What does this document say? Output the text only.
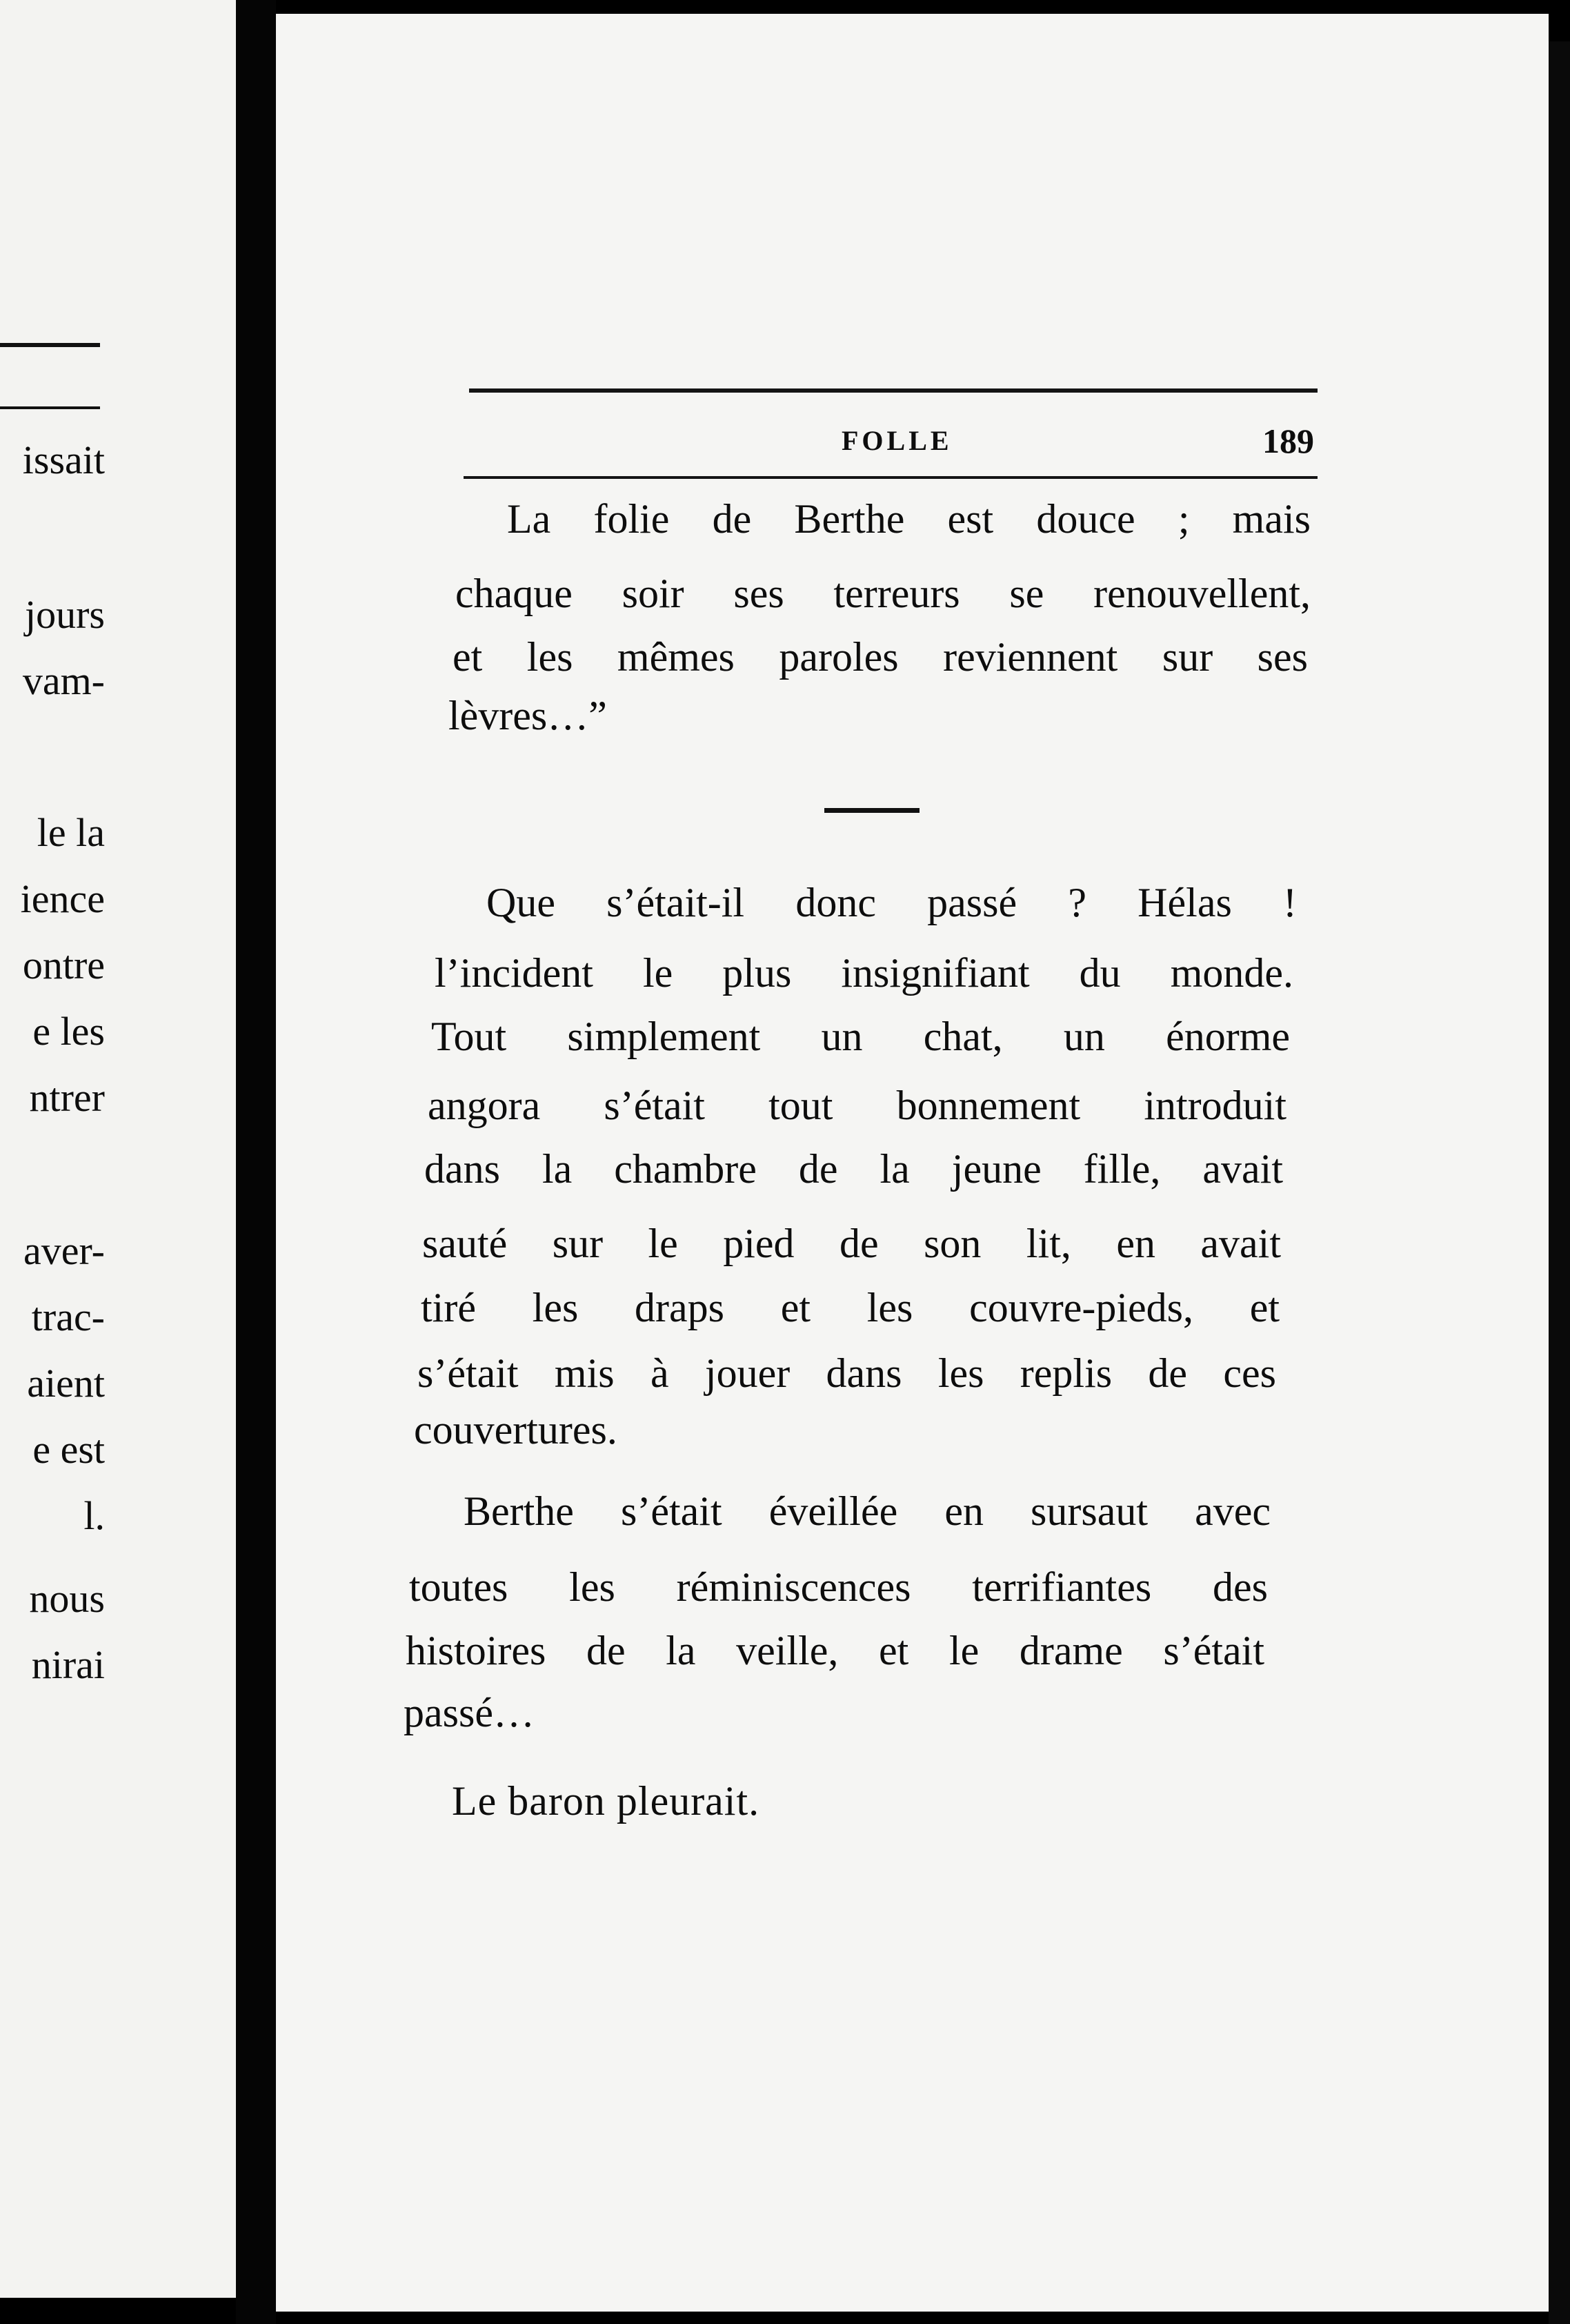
issait
jours
vam-
le la
ience
ontre
e les
ntrer
aver-
trac-
aient
e est
l.
nous
nirai
FOLLE	189
La folie de Berthe est douce ; mais
chaque soir ses terreurs se renouvellent,
et les mêmes paroles reviennent sur ses
lèvres…”
Que s’était-il donc passé ? Hélas !
l’incident le plus insignifiant du monde.
Tout simplement un chat, un énorme
angora s’était tout bonnement introduit
dans la chambre de la jeune fille, avait
sauté sur le pied de son lit, en avait
tiré les draps et les couvre-pieds, et
s’était mis à jouer dans les replis de ces
couvertures.
Berthe s’était éveillée en sursaut avec
toutes les réminiscences terrifiantes des
histoires de la veille, et le drame s’était
passé…
Le baron pleurait.
